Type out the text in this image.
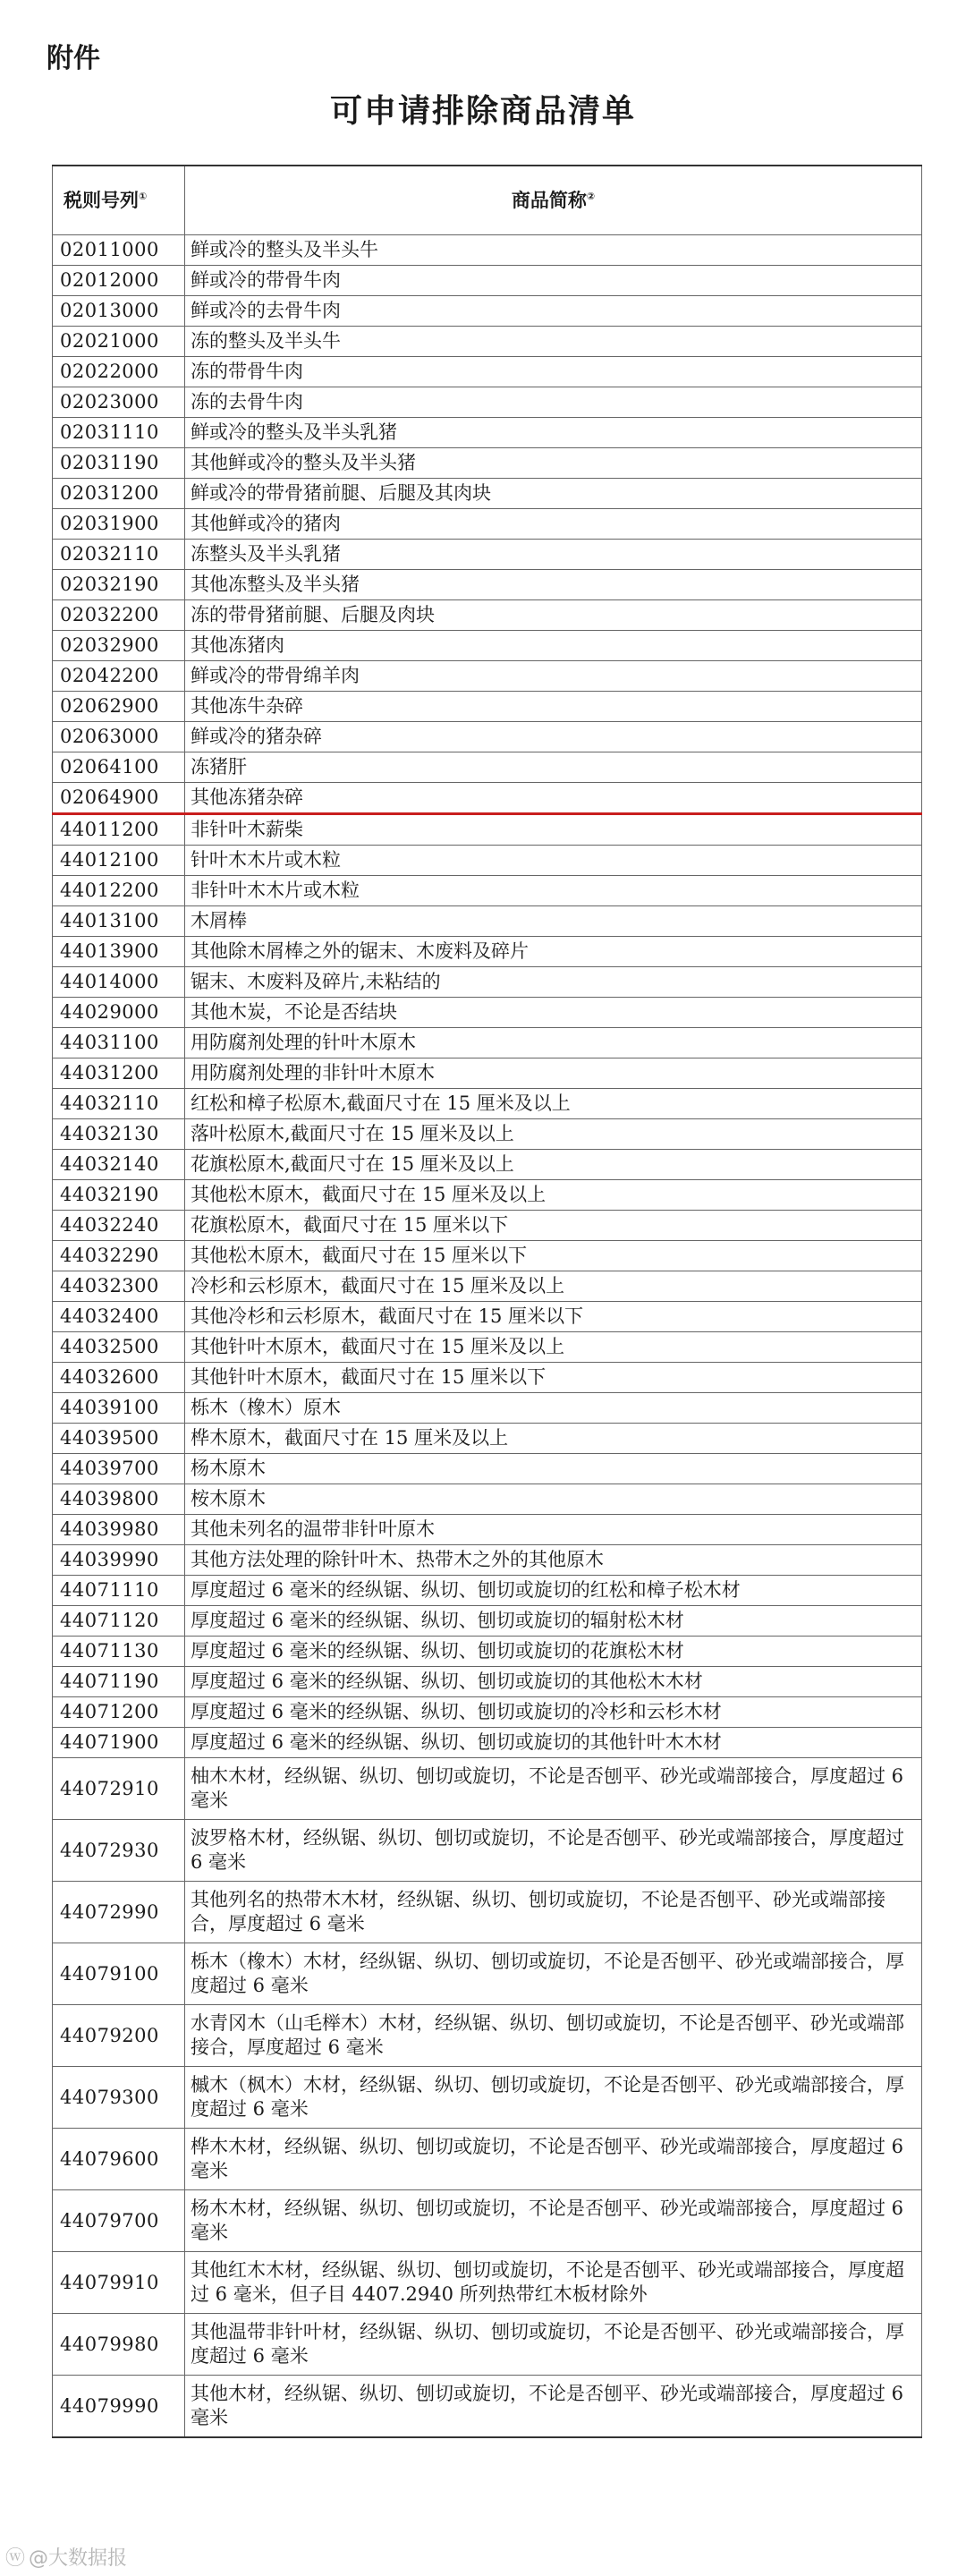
附件
可申请排除商品清单
税则号列①	商品简称②
02011000	鲜或冷的整头及半头牛
02012000	鲜或冷的带骨牛肉
02013000	鲜或冷的去骨牛肉
02021000	冻的整头及半头牛
02022000	冻的带骨牛肉
02023000	冻的去骨牛肉
02031110	鲜或冷的整头及半头乳猪
02031190	其他鲜或冷的整头及半头猪
02031200	鲜或冷的带骨猪前腿、后腿及其肉块
02031900	其他鲜或冷的猪肉
02032110	冻整头及半头乳猪
02032190	其他冻整头及半头猪
02032200	冻的带骨猪前腿、后腿及肉块
02032900	其他冻猪肉
02042200	鲜或冷的带骨绵羊肉
02062900	其他冻牛杂碎
02063000	鲜或冷的猪杂碎
02064100	冻猪肝
02064900	其他冻猪杂碎
44011200	非针叶木薪柴
44012100	针叶木木片或木粒
44012200	非针叶木木片或木粒
44013100	木屑棒
44013900	其他除木屑棒之外的锯末、木废料及碎片
44014000	锯末、木废料及碎片,未粘结的
44029000	其他木炭，不论是否结块
44031100	用防腐剂处理的针叶木原木
44031200	用防腐剂处理的非针叶木原木
44032110	红松和樟子松原木,截面尺寸在 15 厘米及以上
44032130	落叶松原木,截面尺寸在 15 厘米及以上
44032140	花旗松原木,截面尺寸在 15 厘米及以上
44032190	其他松木原木，截面尺寸在 15 厘米及以上
44032240	花旗松原木，截面尺寸在 15 厘米以下
44032290	其他松木原木，截面尺寸在 15 厘米以下
44032300	冷杉和云杉原木，截面尺寸在 15 厘米及以上
44032400	其他冷杉和云杉原木，截面尺寸在 15 厘米以下
44032500	其他针叶木原木，截面尺寸在 15 厘米及以上
44032600	其他针叶木原木，截面尺寸在 15 厘米以下
44039100	栎木（橡木）原木
44039500	桦木原木，截面尺寸在 15 厘米及以上
44039700	杨木原木
44039800	桉木原木
44039980	其他未列名的温带非针叶原木
44039990	其他方法处理的除针叶木、热带木之外的其他原木
44071110	厚度超过 6 毫米的经纵锯、纵切、刨切或旋切的红松和樟子松木材
44071120	厚度超过 6 毫米的经纵锯、纵切、刨切或旋切的辐射松木材
44071130	厚度超过 6 毫米的经纵锯、纵切、刨切或旋切的花旗松木材
44071190	厚度超过 6 毫米的经纵锯、纵切、刨切或旋切的其他松木木材
44071200	厚度超过 6 毫米的经纵锯、纵切、刨切或旋切的冷杉和云杉木材
44071900	厚度超过 6 毫米的经纵锯、纵切、刨切或旋切的其他针叶木木材
44072910	柚木木材，经纵锯、纵切、刨切或旋切，不论是否刨平、砂光或端部接合，厚度超过 6 毫米
44072930	波罗格木材，经纵锯、纵切、刨切或旋切，不论是否刨平、砂光或端部接合，厚度超过 6 毫米
44072990	其他列名的热带木木材，经纵锯、纵切、刨切或旋切，不论是否刨平、砂光或端部接合，厚度超过 6 毫米
44079100	栎木（橡木）木材，经纵锯、纵切、刨切或旋切，不论是否刨平、砂光或端部接合，厚度超过 6 毫米
44079200	水青冈木（山毛榉木）木材，经纵锯、纵切、刨切或旋切，不论是否刨平、砂光或端部接合，厚度超过 6 毫米
44079300	槭木（枫木）木材，经纵锯、纵切、刨切或旋切，不论是否刨平、砂光或端部接合，厚度超过 6 毫米
44079600	桦木木材，经纵锯、纵切、刨切或旋切，不论是否刨平、砂光或端部接合，厚度超过 6 毫米
44079700	杨木木材，经纵锯、纵切、刨切或旋切，不论是否刨平、砂光或端部接合，厚度超过 6 毫米
44079910	其他红木木材，经纵锯、纵切、刨切或旋切，不论是否刨平、砂光或端部接合，厚度超过 6 毫米，但子目 4407.2940 所列热带红木板材除外
44079980	其他温带非针叶材，经纵锯、纵切、刨切或旋切，不论是否刨平、砂光或端部接合，厚度超过 6 毫米
44079990	其他木材，经纵锯、纵切、刨切或旋切，不论是否刨平、砂光或端部接合，厚度超过 6 毫米
ⓦ @大数据报
